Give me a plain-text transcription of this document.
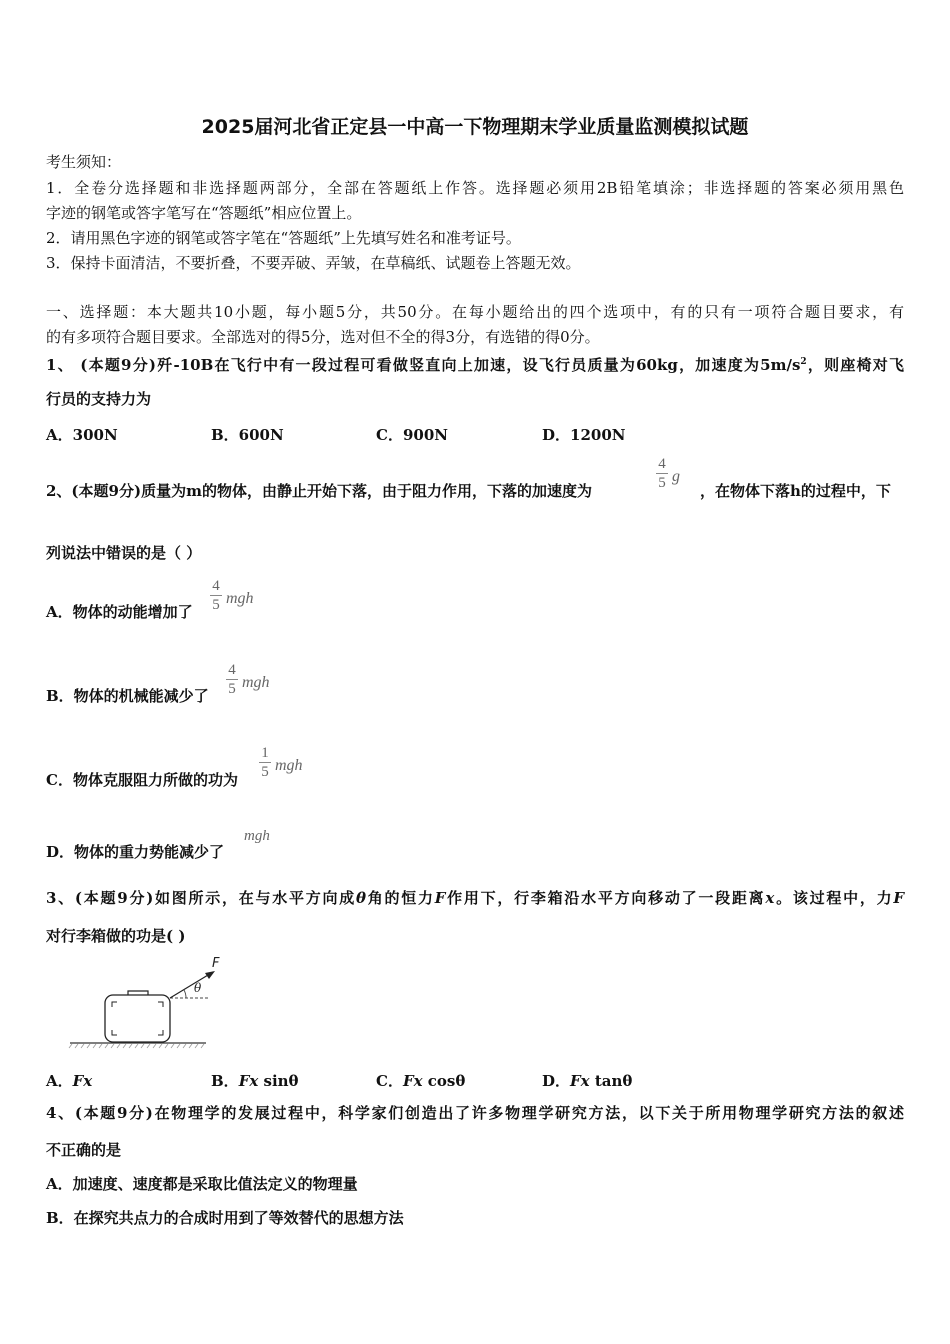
2025届河北省正定县一中高一下物理期末学业质量监测模拟试题
考生须知：
1．全卷分选择题和非选择题两部分，全部在答题纸上作答。选择题必须用2B铅笔填涂；非选择题的答案必须用黑色
字迹的钢笔或答字笔写在“答题纸”相应位置上。
2．请用黑色字迹的钢笔或答字笔在“答题纸”上先填写姓名和准考证号。
3．保持卡面清洁，不要折叠，不要弄破、弄皱，在草稿纸、试题卷上答题无效。
一、选择题：本大题共10小题，每小题5分，共50分。在每小题给出的四个选项中，有的只有一项符合题目要求，有
的有多项符合题目要求。全部选对的得5分，选对但不全的得3分，有选错的得0分。
1、 (本题9分)歼-10B在飞行中有一段过程可看做竖直向上加速，设飞行员质量为60kg，加速度为$5m/s^2$，则座椅对飞
行员的支持力为
A．300N	B．600N	C．900N	D．1200N
2、(本题9分)质量为m的物体，由静止开始下落，由于阻力作用，下落的加速度为
4
5 g
，在物体下落h的过程中，下
列说法中错误的是（ ）
A．物体的动能增加了
4
5 mgh
B．物体的机械能减少了
4
5 mgh
C．物体克服阻力所做的功为
1
5 mgh
D．物体的重力势能减少了
mgh
3、(本题9分)如图所示，在与水平方向成θ角的恒力F作用下，行李箱沿水平方向移动了一段距离x。该过程中，力F
对行李箱做的功是( )
F
θ
A．Fx	B．Fx sinθ	C．Fx cosθ	D．Fx tanθ
4、(本题9分)在物理学的发展过程中，科学家们创造出了许多物理学研究方法，以下关于所用物理学研究方法的叙述
不正确的是
A．加速度、速度都是采取比值法定义的物理量
B．在探究共点力的合成时用到了等效替代的思想方法
